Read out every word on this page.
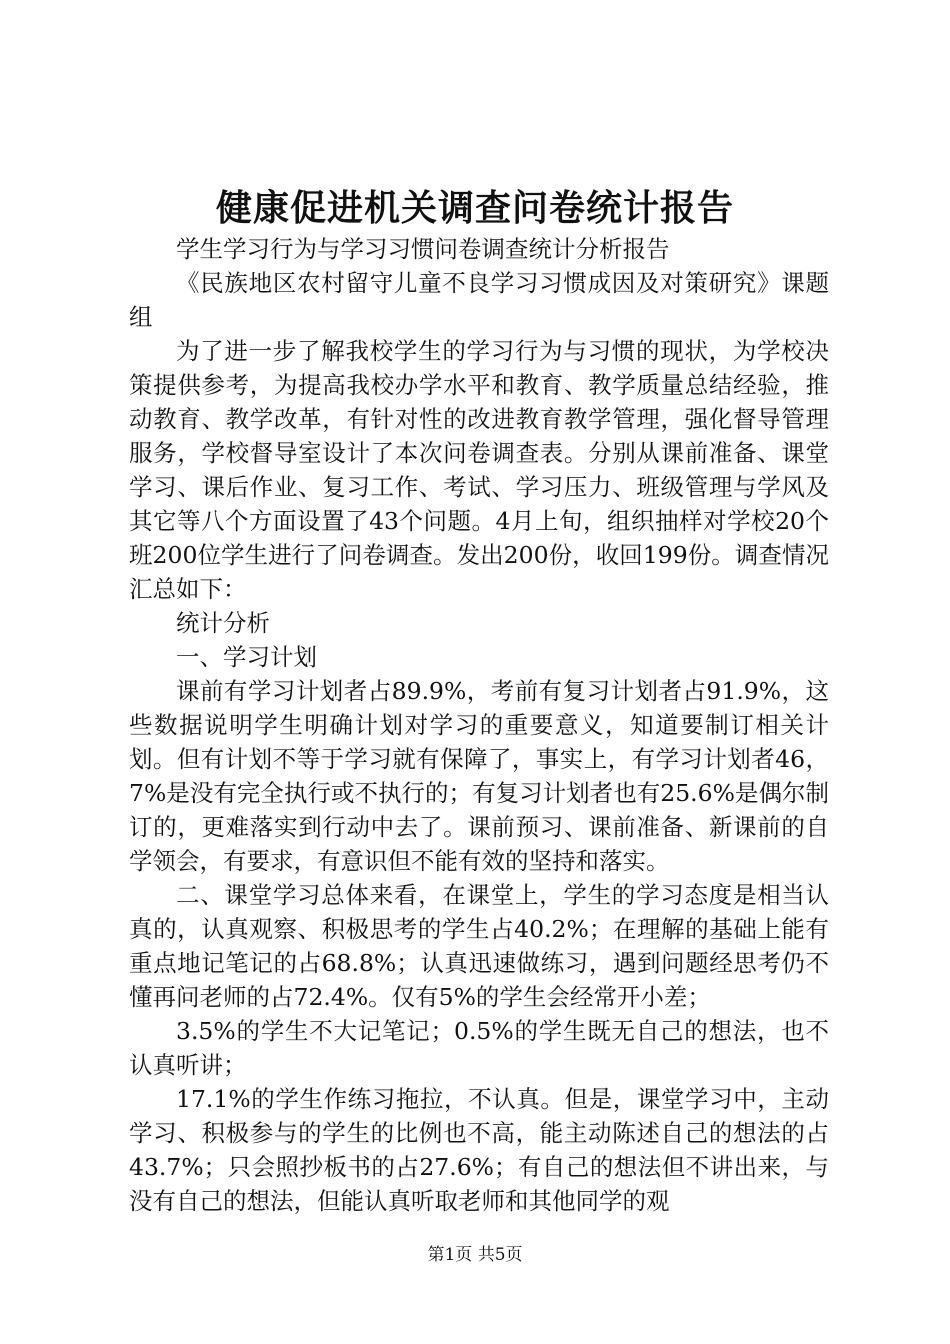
健康促进机关调查问卷统计报告

学生学习行为与学习习惯问卷调查统计分析报告

《民族地区农村留守儿童不良学习习惯成因及对策研究》课题组

为了进一步了解我校学生的学习行为与习惯的现状，为学校决策提供参考，为提高我校办学水平和教育、教学质量总结经验，推动教育、教学改革，有针对性的改进教育教学管理，强化督导管理服务，学校督导室设计了本次问卷调查表。分别从课前准备、课堂学习、课后作业、复习工作、考试、学习压力、班级管理与学风及其它等八个方面设置了43个问题。4月上旬，组织抽样对学校20个班200位学生进行了问卷调查。发出200份，收回199份。调查情况汇总如下：

统计分析

一、学习计划

课前有学习计划者占89.9%，考前有复习计划者占91.9%，这些数据说明学生明确计划对学习的重要意义，知道要制订相关计划。但有计划不等于学习就有保障了，事实上，有学习计划者46，7%是没有完全执行或不执行的；有复习计划者也有25.6%是偶尔制订的，更难落实到行动中去了。课前预习、课前准备、新课前的自学领会，有要求，有意识但不能有效的坚持和落实。

二、课堂学习总体来看，在课堂上，学生的学习态度是相当认真的，认真观察、积极思考的学生占40.2%；在理解的基础上能有重点地记笔记的占68.8%；认真迅速做练习，遇到问题经思考仍不懂再问老师的占72.4%。仅有5%的学生会经常开小差；

3.5%的学生不大记笔记；0.5%的学生既无自己的想法，也不认真听讲；

17.1%的学生作练习拖拉，不认真。但是，课堂学习中，主动学习、积极参与的学生的比例也不高，能主动陈述自己的想法的占43.7%；只会照抄板书的占27.6%；有自己的想法但不讲出来，与没有自己的想法，但能认真听取老师和其他同学的观

第1页 共5页
